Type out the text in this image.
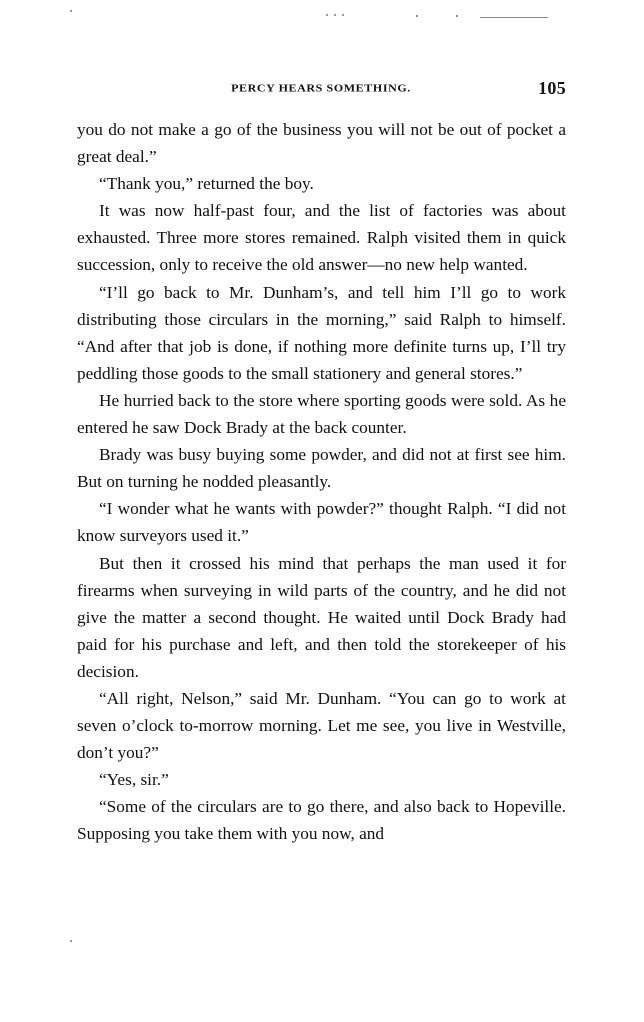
PERCY HEARS SOMETHING.	105

you do not make a go of the business you will not be out of pocket a great deal.”

“Thank you,” returned the boy.

It was now half-past four, and the list of factories was about exhausted. Three more stores remained. Ralph visited them in quick succession, only to receive the old answer—no new help wanted.

“I’ll go back to Mr. Dunham’s, and tell him I’ll go to work distributing those circulars in the morning,” said Ralph to himself. “And after that job is done, if nothing more definite turns up, I’ll try peddling those goods to the small stationery and general stores.”

He hurried back to the store where sporting goods were sold. As he entered he saw Dock Brady at the back counter.

Brady was busy buying some powder, and did not at first see him. But on turning he nodded pleasantly.

“I wonder what he wants with powder?” thought Ralph. “I did not know surveyors used it.”

But then it crossed his mind that perhaps the man used it for firearms when surveying in wild parts of the country, and he did not give the matter a second thought. He waited until Dock Brady had paid for his purchase and left, and then told the storekeeper of his decision.

“All right, Nelson,” said Mr. Dunham. “You can go to work at seven o’clock to-morrow morning. Let me see, you live in Westville, don’t you?”

“Yes, sir.”

“Some of the circulars are to go there, and also back to Hopeville. Supposing you take them with you now, and
